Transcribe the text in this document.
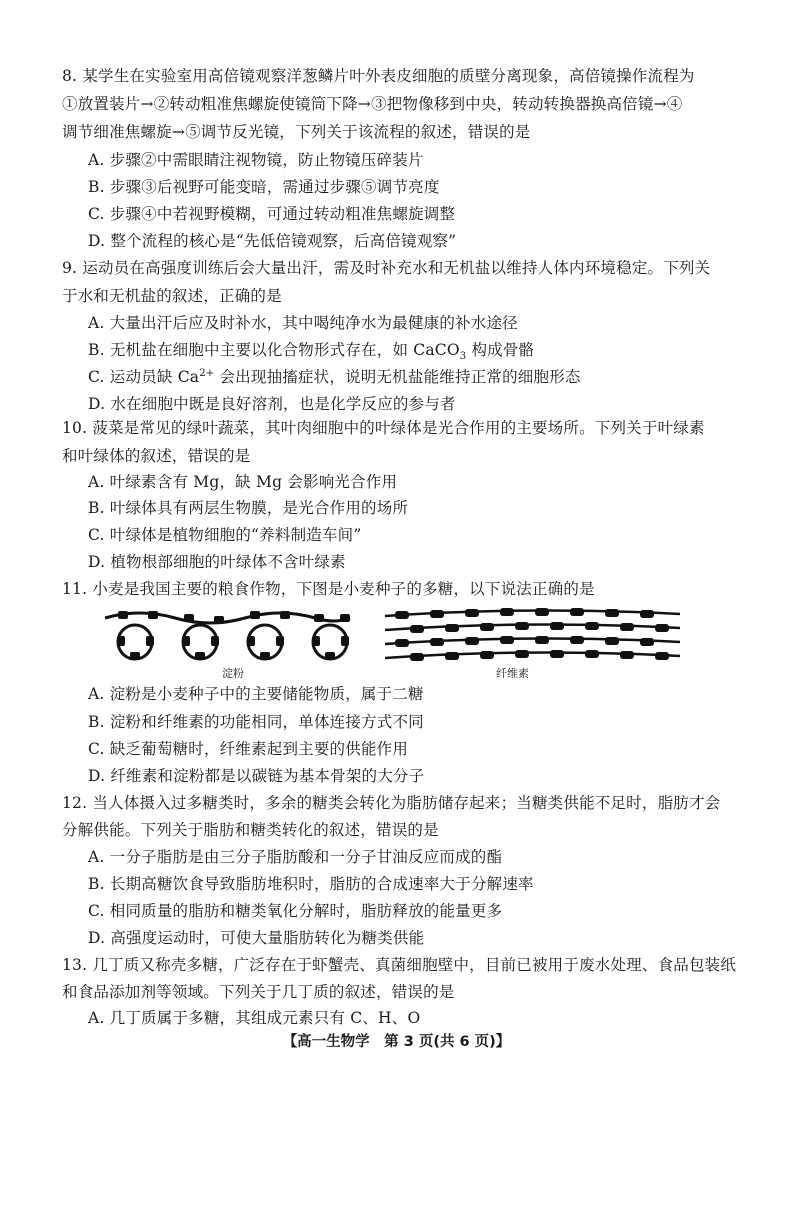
8. 某学生在实验室用高倍镜观察洋葱鳞片叶外表皮细胞的质壁分离现象，高倍镜操作流程为
①放置装片→②转动粗准焦螺旋使镜筒下降→③把物像移到中央，转动转换器换高倍镜→④
调节细准焦螺旋→⑤调节反光镜，下列关于该流程的叙述，错误的是
A. 步骤②中需眼睛注视物镜，防止物镜压碎装片
B. 步骤③后视野可能变暗，需通过步骤⑤调节亮度
C. 步骤④中若视野模糊，可通过转动粗准焦螺旋调整
D. 整个流程的核心是“先低倍镜观察，后高倍镜观察”
9. 运动员在高强度训练后会大量出汗，需及时补充水和无机盐以维持人体内环境稳定。下列关
于水和无机盐的叙述，正确的是
A. 大量出汗后应及时补水，其中喝纯净水为最健康的补水途径
B. 无机盐在细胞中主要以化合物形式存在，如 CaCO$_3$ 构成骨骼
C. 运动员缺 $Ca^{2+}$ 会出现抽搐症状，说明无机盐能维持正常的细胞形态
D. 水在细胞中既是良好溶剂，也是化学反应的参与者
10. 菠菜是常见的绿叶蔬菜，其叶肉细胞中的叶绿体是光合作用的主要场所。下列关于叶绿素
和叶绿体的叙述，错误的是
A. 叶绿素含有 Mg，缺 Mg 会影响光合作用
B. 叶绿体具有两层生物膜，是光合作用的场所
C. 叶绿体是植物细胞的“养料制造车间”
D. 植物根部细胞的叶绿体不含叶绿素
11. 小麦是我国主要的粮食作物，下图是小麦种子的多糖，以下说法正确的是
淀粉	纤维素
A. 淀粉是小麦种子中的主要储能物质，属于二糖
B. 淀粉和纤维素的功能相同，单体连接方式不同
C. 缺乏葡萄糖时，纤维素起到主要的供能作用
D. 纤维素和淀粉都是以碳链为基本骨架的大分子
12. 当人体摄入过多糖类时，多余的糖类会转化为脂肪储存起来；当糖类供能不足时，脂肪才会
分解供能。下列关于脂肪和糖类转化的叙述，错误的是
A. 一分子脂肪是由三分子脂肪酸和一分子甘油反应而成的酯
B. 长期高糖饮食导致脂肪堆积时，脂肪的合成速率大于分解速率
C. 相同质量的脂肪和糖类氧化分解时，脂肪释放的能量更多
D. 高强度运动时，可使大量脂肪转化为糖类供能
13. 几丁质又称壳多糖，广泛存在于虾蟹壳、真菌细胞壁中，目前已被用于废水处理、食品包装纸
和食品添加剂等领域。下列关于几丁质的叙述，错误的是
A. 几丁质属于多糖，其组成元素只有 C、H、O
【高一生物学　第 3 页(共 6 页)】
